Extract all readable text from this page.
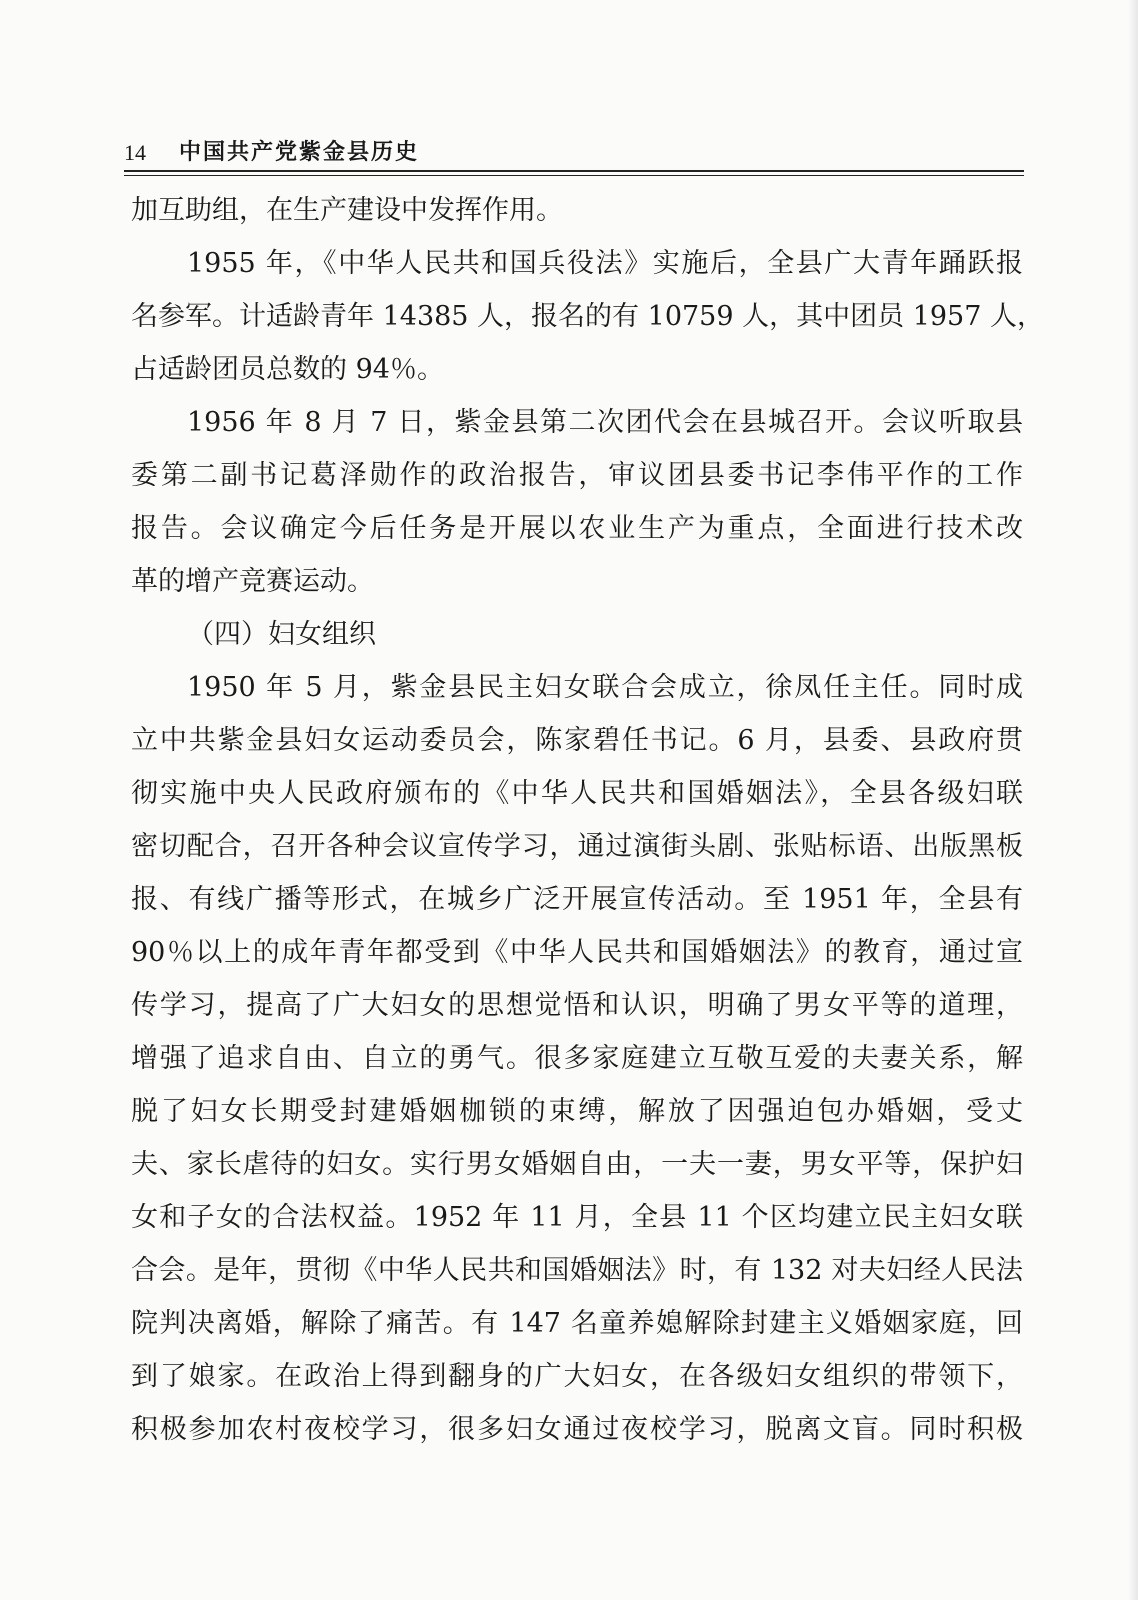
14 中国共产党紫金县历史
加互助组，在生产建设中发挥作用。
1955 年，《中华人民共和国兵役法》实施后，全县广大青年踊跃报
名参军。计适龄青年 14385 人，报名的有 10759 人，其中团员 1957 人，
占适龄团员总数的 94％。
1956 年 8 月 7 日，紫金县第二次团代会在县城召开。会议听取县
委第二副书记葛泽勋作的政治报告，审议团县委书记李伟平作的工作
报告。会议确定今后任务是开展以农业生产为重点，全面进行技术改
革的增产竞赛运动。
（四）妇女组织
1950 年 5 月，紫金县民主妇女联合会成立，徐凤任主任。同时成
立中共紫金县妇女运动委员会，陈家碧任书记。6 月，县委、县政府贯
彻实施中央人民政府颁布的《中华人民共和国婚姻法》，全县各级妇联
密切配合，召开各种会议宣传学习，通过演街头剧、张贴标语、出版黑板
报、有线广播等形式，在城乡广泛开展宣传活动。至 1951 年，全县有
90％以上的成年青年都受到《中华人民共和国婚姻法》的教育，通过宣
传学习，提高了广大妇女的思想觉悟和认识，明确了男女平等的道理，
增强了追求自由、自立的勇气。很多家庭建立互敬互爱的夫妻关系，解
脱了妇女长期受封建婚姻枷锁的束缚，解放了因强迫包办婚姻，受丈
夫、家长虐待的妇女。实行男女婚姻自由，一夫一妻，男女平等，保护妇
女和子女的合法权益。1952 年 11 月，全县 11 个区均建立民主妇女联
合会。是年，贯彻《中华人民共和国婚姻法》时，有 132 对夫妇经人民法
院判决离婚，解除了痛苦。有 147 名童养媳解除封建主义婚姻家庭，回
到了娘家。在政治上得到翻身的广大妇女，在各级妇女组织的带领下，
积极参加农村夜校学习，很多妇女通过夜校学习，脱离文盲。同时积极
